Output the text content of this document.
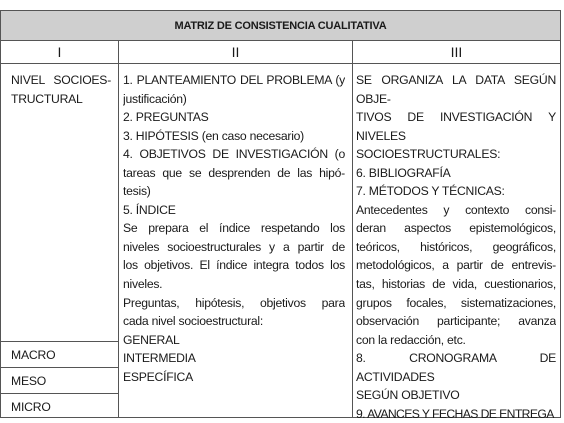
MATRIZ DE CONSISTENCIA CUALITATIVA
I	II	III
NIVEL SOCIOES-
TRUCTURAL
MACRO
MESO
MICRO
1. PLANTEAMIENTO DEL PROBLEMA (y
justificación)
2. PREGUNTAS
3. HIPÓTESIS (en caso necesario)
4. OBJETIVOS DE INVESTIGACIÓN (o
tareas que se desprenden de las hipó-
tesis)
5. ÍNDICE
Se prepara el índice respetando los
niveles socioestructurales y a partir de
los objetivos. El índice integra todos los
niveles.
Preguntas, hipótesis, objetivos para
cada nivel socioestructural:
GENERAL
INTERMEDIA
ESPECÍFICA
SE ORGANIZA LA DATA SEGÚN OBJE-
TIVOS DE INVESTIGACIÓN Y NIVELES
SOCIOESTRUCTURALES:
6. BIBLIOGRAFÍA
7. MÉTODOS Y TÉCNICAS:
Antecedentes y contexto consi-
deran aspectos epistemológicos,
teóricos, históricos, geográficos,
metodológicos, a partir de entrevis-
tas, historias de vida, cuestionarios,
grupos focales, sistematizaciones,
observación participante; avanza
con la redacción, etc.
8. CRONOGRAMA DE ACTIVIDADES
SEGÚN OBJETIVO
9. AVANCES Y FECHAS DE ENTREGA
